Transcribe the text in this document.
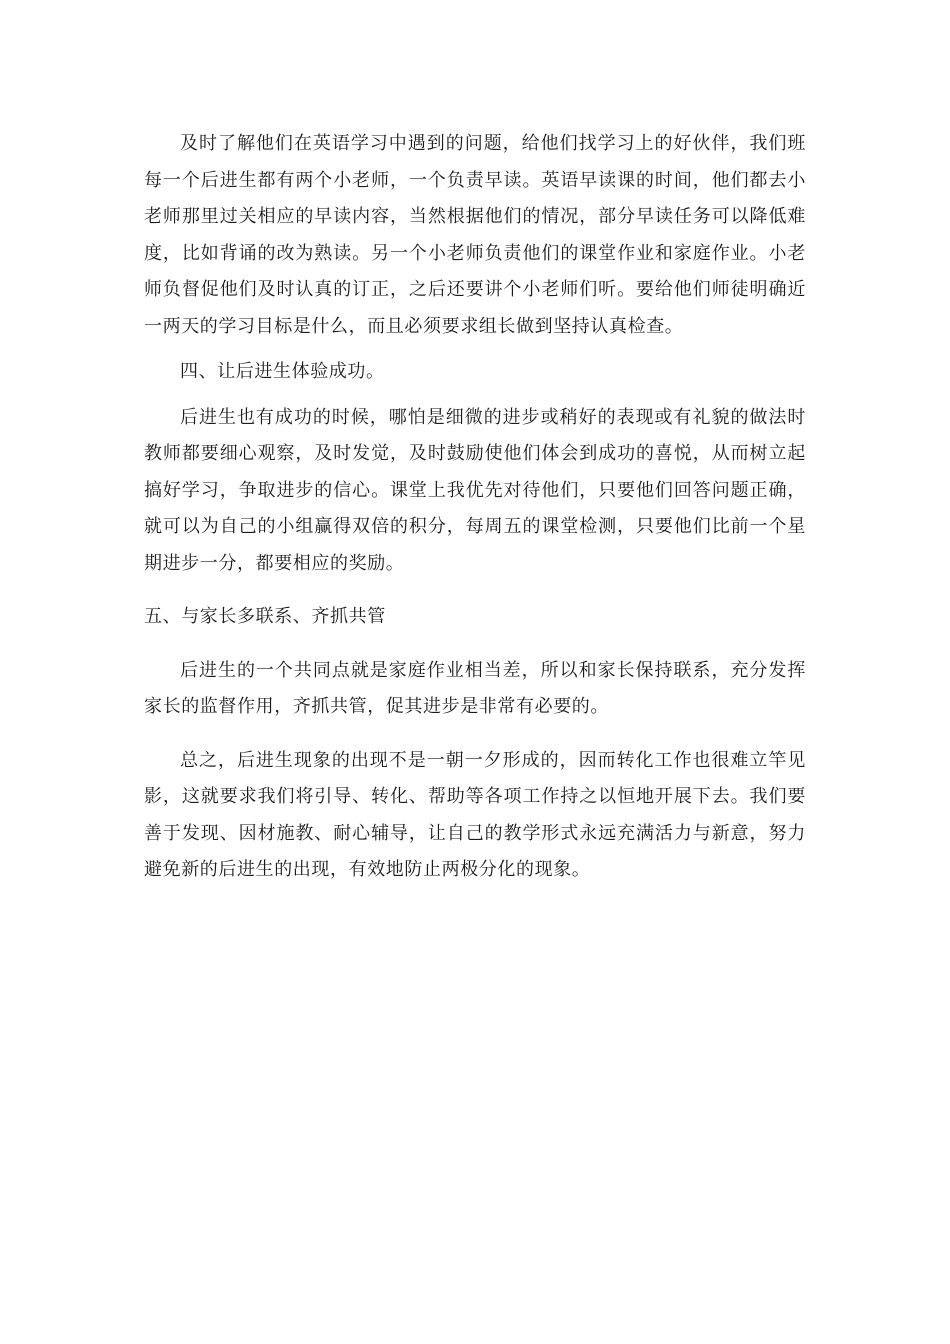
及时了解他们在英语学习中遇到的问题，给他们找学习上的好伙伴，我们班每一个后进生都有两个小老师，一个负责早读。英语早读课的时间，他们都去小老师那里过关相应的早读内容，当然根据他们的情况，部分早读任务可以降低难度，比如背诵的改为熟读。另一个小老师负责他们的课堂作业和家庭作业。小老师负督促他们及时认真的订正，之后还要讲个小老师们听。要给他们师徒明确近一两天的学习目标是什么，而且必须要求组长做到坚持认真检查。

四、让后进生体验成功。

后进生也有成功的时候，哪怕是细微的进步或稍好的表现或有礼貌的做法时教师都要细心观察，及时发觉，及时鼓励使他们体会到成功的喜悦，从而树立起搞好学习，争取进步的信心。课堂上我优先对待他们，只要他们回答问题正确，就可以为自己的小组赢得双倍的积分，每周五的课堂检测，只要他们比前一个星期进步一分，都要相应的奖励。

五、与家长多联系、齐抓共管

后进生的一个共同点就是家庭作业相当差，所以和家长保持联系，充分发挥家长的监督作用，齐抓共管，促其进步是非常有必要的。

总之，后进生现象的出现不是一朝一夕形成的，因而转化工作也很难立竿见影，这就要求我们将引导、转化、帮助等各项工作持之以恒地开展下去。我们要善于发现、因材施教、耐心辅导，让自己的教学形式永远充满活力与新意，努力避免新的后进生的出现，有效地防止两极分化的现象。
